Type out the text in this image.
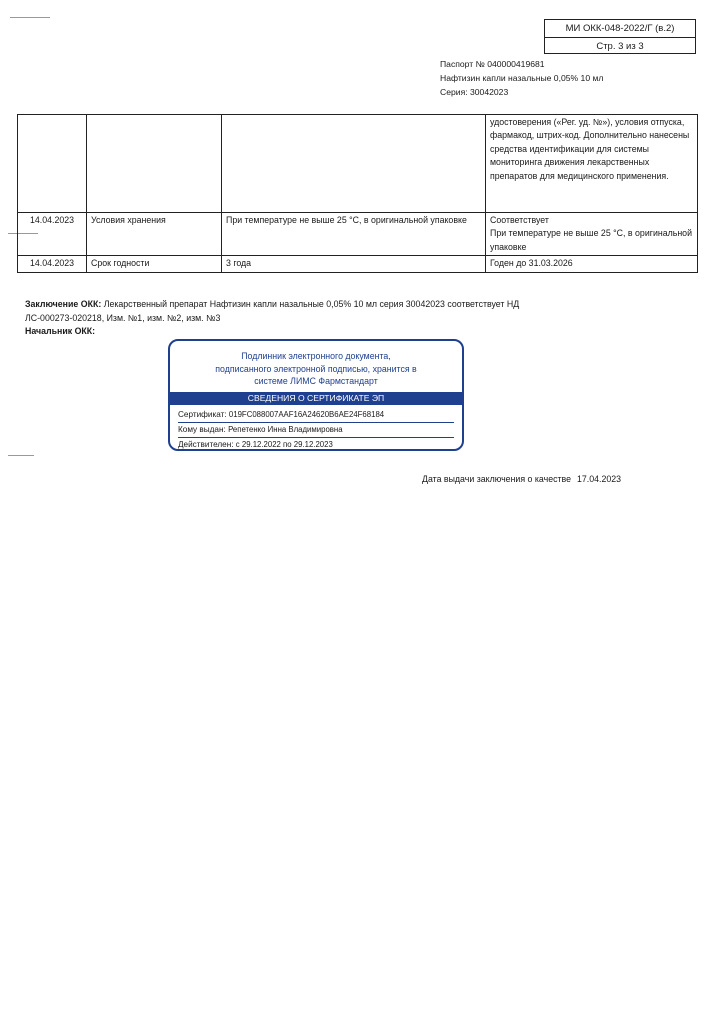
МИ ОКК-048-2022/Г (в.2)
Стр. 3 из 3
Паспорт № 040000419681
Нафтизин капли назальные 0,05% 10 мл
Серия: 30042023
			удостоверения («Рег. уд. №»), условия отпуска, фармакод, штрих-код. Дополнительно нанесены средства идентификации для системы мониторинга движения лекарственных препаратов для медицинского применения.
14.04.2023	Условия хранения	При температуре не выше 25 °С, в оригинальной упаковке	Соответствует
При температуре не выше 25 °С, в оригинальной упаковке

14.04.2023	Срок годности	3 года	Годен до 31.03.2026
Заключение ОКК: Лекарственный препарат Нафтизин капли назальные 0,05% 10 мл серия 30042023 соответствует НД ЛС-000273-020218, Изм. №1, изм. №2, изм. №3
Начальник ОКК:
Подлинник электронного документа,
подписанного электронной подписью, хранится в
системе ЛИМС Фармстандарт
СВЕДЕНИЯ О СЕРТИФИКАТЕ ЭП
Сертификат: 019FC088007AAF16A24620B6AE24F68184
Кому выдан: Репетенко Инна Владимировна
Действителен: с 29.12.2022 по 29.12.2023
Дата выдачи заключения о качестве 17.04.2023
